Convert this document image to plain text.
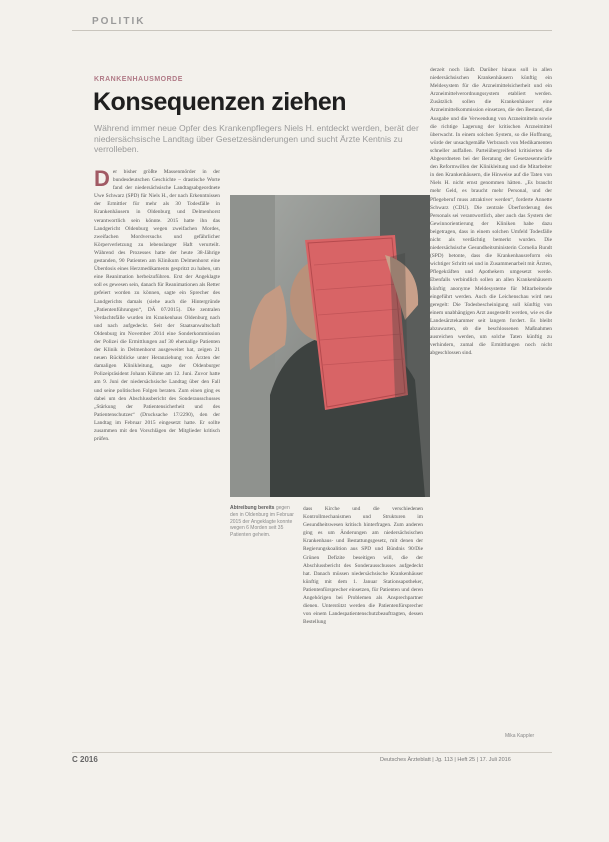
POLITIK
KRANKENHAUSMORDE
Konsequenzen ziehen
Während immer neue Opfer des Krankenpflegers Niels H. entdeckt werden, berät der niedersächsische Landtag über Gesetzesänderungen und sucht Ärzte Kentnis zu verrolleben.
Der bisher größte Massenmörder in der bundesdeutschen Geschichte – drastische Worte fand der niedersächsische Landtagsabgeordnete Uwe Schwarz (SPD) für Niels H., der nach Erkenntnissen der Ermittler für mehr als 30 Todesfälle in Krankenhäusern in Oldenburg und Delmenhorst verantwortlich sein könnte. 2015 hatte ihn das Landgericht Oldenburg wegen zweifachen Mordes, zweifachen Mordversuchs und gefährlicher Körperverletzung zu lebenslanger Haft verurteilt. Während des Prozesses hatte der heute 38-Jährige gestanden, 90 Patienten am Klinikum Delmenhorst eine Überdosis eines Herzmedikaments gespritzt zu haben, um eine Reanimation herbeizuführen. Erst der Angeklagte soll es gewesen sein, danach für Reanimationen als Retter gefeiert worden zu können, sagte ein Sprecher des Landgerichts damals (siehe auch die Hintergründe „Patientenführungen“, DÄ 07/2015). Die zentralen Verdachtsfälle wurden im Krankenhaus Oldenburg nach und nach aufgedeckt. Seit der Staatsanwaltschaft Oldenburg im November 2014 eine Sonderkommission der Polizei die Ermittlungen auf 30 ehemalige Patienten der Klinik in Delmenhorst ausgeweitet hat, zeigen 21 neuen Rückblicke unter Heranziehung von Ärzten der damaligen Klinikleitung, sagte der Oldenburger Polizeipräsident Johann Kühme am 12. Juni. Zuvor hatte am 9. Juni der niedersächsische Landtag über den Fall und seine politischen Folgen beraten. Zum einen ging es dabei um den Abschlussbericht des Sonderausschusses „Stärkung der Patientensicherheit und des Patientenschutzes“ (Drucksache 17/2290), den der Landtag im Februar 2015 eingesetzt hatte. Er sollte zusammen mit den Vorschlägen der Mitglieder kritisch prüfen.
Abtreibung bereits gegen den in Oldenburg im Februar 2015 der Angeklagte konnte wegen 6 Morden seit 35 Patienten geheim.
dass Kirche und die verschiedenen Kontrollmechanismen und Strukturen im Gesundheitswesen kritisch hinterfragen. Zum anderen ging es um Änderungen am niedersächsischen Krankenhaus- und Bestattungsgesetz, mit denen der Regierungskoalition aus SPD und Bündnis 90/Die Grünen Defizite beseitigen will, die der Abschlussbericht des Sonderausschusses aufgedeckt hat. Danach müssen niedersächsische Krankenhäuser künftig mit dem 1. Januar Stationsapotheker, Patientenfürsprecher einsetzen, für Patienten und deren Angehörigen bei Problemen als Ansprechpartner dienen. Unterstützt werden die Patientenfürsprecher von einem Landespatientenschutzbeauftragten, dessen Bestellung
derzeit noch läuft. Darüber hinaus soll in allen niedersächsischen Krankenhäusern künftig ein Meldesystem für die Arzneimittelsicherheit und ein Arzneimittelverordnungssystem etabliert werden. Zusätzlich sollen die Krankenhäuser eine Arzneimittelkommission einsetzen, die den Bestand, die Ausgabe und die Verwendung von Arzneimitteln sowie die richtige Lagerung der kritischen Arzneimittel überwacht. In einem solchen System, so die Hoffnung, würde der unsachgemäße Verbrauch von Medikamenten schneller auffallen. Parteiübergreifend kritisierten die Abgeordneten bei der Beratung der Gesetzesentwürfe den Reformwillen der Klinikleitung und die Mitarbeiter in den Krankenhäusern, die Hinweise auf die Taten von Niels H. nicht ernst genommen hätten. „Es braucht mehr Geld, es braucht mehr Personal, und der Pflegeberuf muss attraktiver werden“, forderte Annette Schwarz (CDU). Die zentrale Überforderung des Personals sei verantwortlich, aber auch das System der Gewinnorientierung der Kliniken habe dazu beigetragen, dass in einem solchen Umfeld Todesfälle nicht als verdächtig bemerkt wurden. Die niedersächsische Gesundheitsministerin Cornelia Rundt (SPD) betonte, dass die Krankenhausreform ein wichtiger Schritt sei und in Zusammenarbeit mit Ärzten, Pflegekräften und Apothekern umgesetzt werde. Ebenfalls verbindlich sollen an allen Krankenhäusern künftig anonyme Meldesysteme für Mitarbeitende eingeführt werden. Auch die Leichenschau wird neu geregelt: Die Todesbescheinigung soll künftig von einem unabhängigen Arzt ausgestellt werden, wie es die Landesärztekammer seit langem fordert. Es bleibt abzuwarten, ob die beschlossenen Maßnahmen ausreichen werden, um solche Taten künftig zu verhindern, zumal die Ermittlungen noch nicht abgeschlossen sind.
Mika Kappler
C 2016	Deutsches Ärzteblatt | Jg. 113 | Heft 25 | 17. Juli 2016
